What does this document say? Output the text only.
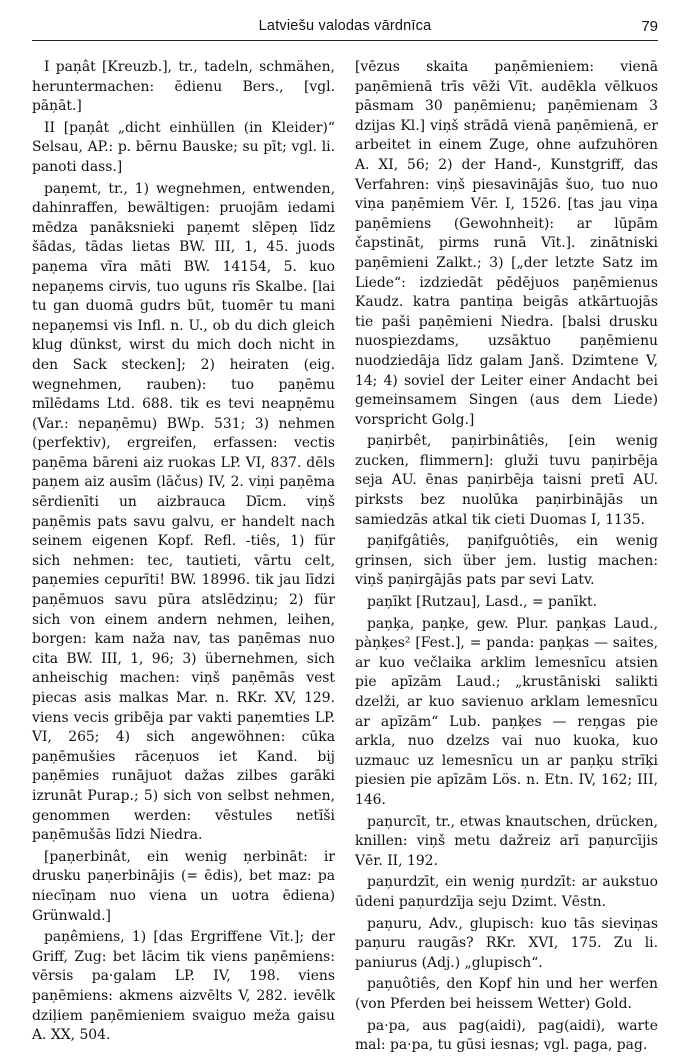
Latviešu valodas vārdnīca	79

I paņât [Kreuzb.], tr., tadeln, schmähen, heruntermachen: ēdienu Bers., [vgl. pāņāt.]

II [paņât „dicht einhüllen (in Kleider)“ Selsau, AP.: p. bērnu Bauske; su pīt; vgl. li. panoti dass.]

paņemt, tr., 1) wegnehmen, entwenden, dahinraffen, bewältigen: pruojām iedami mēdza panāksnieki paņemt slēpeņ līdz šādas, tādas lietas BW. III, 1, 45. juods paņema vīra māti BW. 14154, 5. kuo nepaņems cirvis, tuo uguns rīs Skalbe. [lai tu gan duomā gudrs būt, tuomēr tu mani nepaņemsi vis Infl. n. U., ob du dich gleich klug dünkst, wirst du mich doch nicht in den Sack stecken]; 2) heiraten (eig. wegnehmen, rauben): tuo paņēmu mīlēdams Ltd. 688. tik es tevi neapņēmu (Var.: nepaņēmu) BWp. 531; 3) nehmen (perfektiv), ergreifen, erfassen: vectis paņēma bāreni aiz ruokas LP. VI, 837. dēls paņem aiz ausīm (lāčus) IV, 2. viņi paņēma sērdienīti un aizbrauca Dīcm. viņš paņēmis pats savu galvu, er handelt nach seinem eigenen Kopf. Refl. -tiês, 1) für sich nehmen: tec, tautieti, vārtu celt, paņemies cepurīti! BW. 18996. tik jau līdzi paņēmuos savu pūra atslēdziņu; 2) für sich von einem andern nehmen, leihen, borgen: kam naža nav, tas paņēmas nuo cita BW. III, 1, 96; 3) übernehmen, sich anheischig machen: viņš paņēmās vest piecas asis malkas Mar. n. RKr. XV, 129. viens vecis gribēja par vakti paņemties LP. VI, 265; 4) sich angewöhnen: cūka paņēmušies rāceņuos iet Kand. bij paņēmies runājuot dažas zilbes garāki izrunāt Purap.; 5) sich von selbst nehmen, genommen werden: vēstules netīši paņēmušās līdzi Niedra.

[paņerbinât, ein wenig ņerbināt: ir drusku paņerbinājis (= ēdis), bet maz: pa niecīņam nuo viena un uotra ēdiena) Grünwald.]

paņêmiens, 1) [das Ergriffene Vīt.]; der Griff, Zug: bet lācim tik viens paņēmiens: vērsis pa·galam LP. IV, 198. viens paņēmiens: akmens aizvēlts V, 282. ievēlk dziļiem paņēmieniem svaiguo meža gaisu A. XX, 504.

[vēzus skaita paņēmieniem: vienā paņēmienā trīs vēži Vīt. audēkla vēlkuos pāsmam 30 paņēmienu; paņēmienam 3 dzijas Kl.] viņš strādā vienā paņēmienā, er arbeitet in einem Zuge, ohne aufzuhören A. XI, 56; 2) der Hand-, Kunstgriff, das Verfahren: viņš piesavinājās šuo, tuo nuo viņa paņēmiem Vēr. I, 1526. [tas jau viņa paņēmiens (Gewohnheit): ar lūpām čapstināt, pirms runā Vīt.]. zinātniski paņēmieni Zalkt.; 3) [„der letzte Satz im Liede“: izdziedāt pēdējuos paņēmienus Kaudz. katra pantiņa beigās atkārtuojās tie paši paņēmieni Niedra. [balsi drusku nuospiezdams, uzsāktuo paņēmienu nuodziedāja līdz galam Janš. Dzimtene V, 14; 4) soviel der Leiter einer Andacht bei gemeinsamem Singen (aus dem Liede) vorspricht Golg.]

paņirbêt, paņirbinâtiês, [ein wenig zucken, flimmern]: gluži tuvu paņirbēja seja AU. ēnas paņirbēja taisni pretī AU. pirksts bez nuolūka paņirbinājās un samiedzās atkal tik cieti Duomas I, 1135.

paņifgâtiês, paņifguôtiês, ein wenig grinsen, sich über jem. lustig machen: viņš paņirgājās pats par sevi Latv.

paņīkt [Rutzau], Lasd., = panīkt.

paņķa, paņķe, gew. Plur. paņķas Laud., pàņķes² [Fest.], = panda: paņķas — saites, ar kuo večlaika arklim lemesnīcu atsien pie apīzām Laud.; „krustāniski salikti dzelži, ar kuo savienuo arklam lemesnīcu ar apīzām“ Lub. paņķes — reņgas pie arkla, nuo dzelzs vai nuo kuoka, kuo uzmauc uz lemesnīcu un ar paņķu strīķi piesien pie apīzām Lös. n. Etn. IV, 162; III, 146.

paņurcīt, tr., etwas knautschen, drücken, knillen: viņš metu dažreiz arī paņurcījis Vēr. II, 192.

paņurdzīt, ein wenig ņurdzīt: ar aukstuo ūdeni paņurdzīja seju Dzimt. Vēstn.

paņuru, Adv., glupisch: kuo tās sieviņas paņuru raugās? RKr. XVI, 175. Zu li. paniurus (Adj.) „glupisch“.

paņuôtiês, den Kopf hin und her werfen (von Pferden bei heissem Wetter) Gold.

pa·pa, aus pag(aidi), pag(aidi), warte mal: pa·pa, tu gūsi iesnas; vgl. paga, pag.
